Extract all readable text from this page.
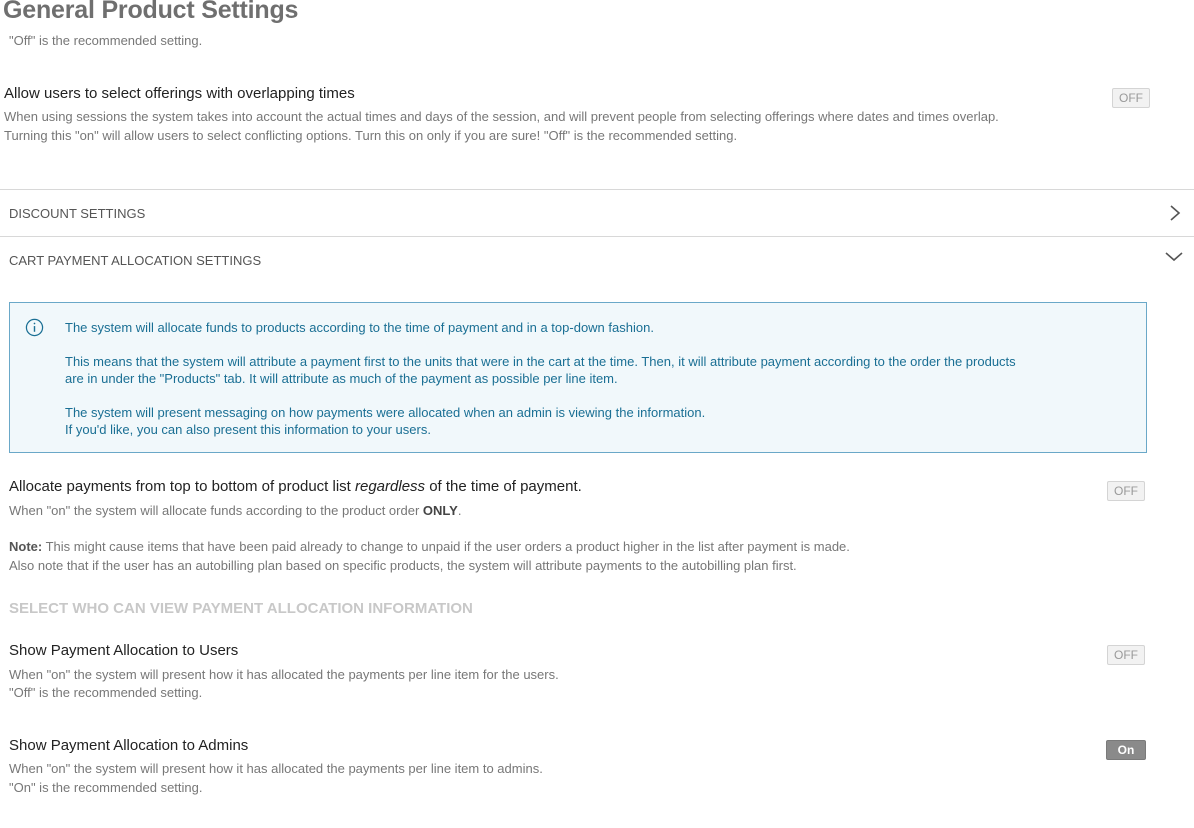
"Off" is the recommended setting.
General Product Settings
Allow users to select offerings with overlapping times
When using sessions the system takes into account the actual times and days of the session, and will prevent people from selecting offerings where dates and times overlap.
Turning this "on" will allow users to select conflicting options. Turn this on only if you are sure! "Off" is the recommended setting.
OFF
DISCOUNT SETTINGS
CART PAYMENT ALLOCATION SETTINGS
The system will allocate funds to products according to the time of payment and in a top-down fashion.
This means that the system will attribute a payment first to the units that were in the cart at the time. Then, it will attribute payment according to the order the products
are in under the "Products" tab. It will attribute as much of the payment as possible per line item.
The system will present messaging on how payments were allocated when an admin is viewing the information.
If you'd like, you can also present this information to your users.
Allocate payments from top to bottom of product list regardless of the time of payment.
When "on" the system will allocate funds according to the product order ONLY.
Note: This might cause items that have been paid already to change to unpaid if the user orders a product higher in the list after payment is made.
Also note that if the user has an autobilling plan based on specific products, the system will attribute payments to the autobilling plan first.
OFF
SELECT WHO CAN VIEW PAYMENT ALLOCATION INFORMATION
Show Payment Allocation to Users
When "on" the system will present how it has allocated the payments per line item for the users.
"Off" is the recommended setting.
OFF
Show Payment Allocation to Admins
When "on" the system will present how it has allocated the payments per line item to admins.
"On" is the recommended setting.
On
